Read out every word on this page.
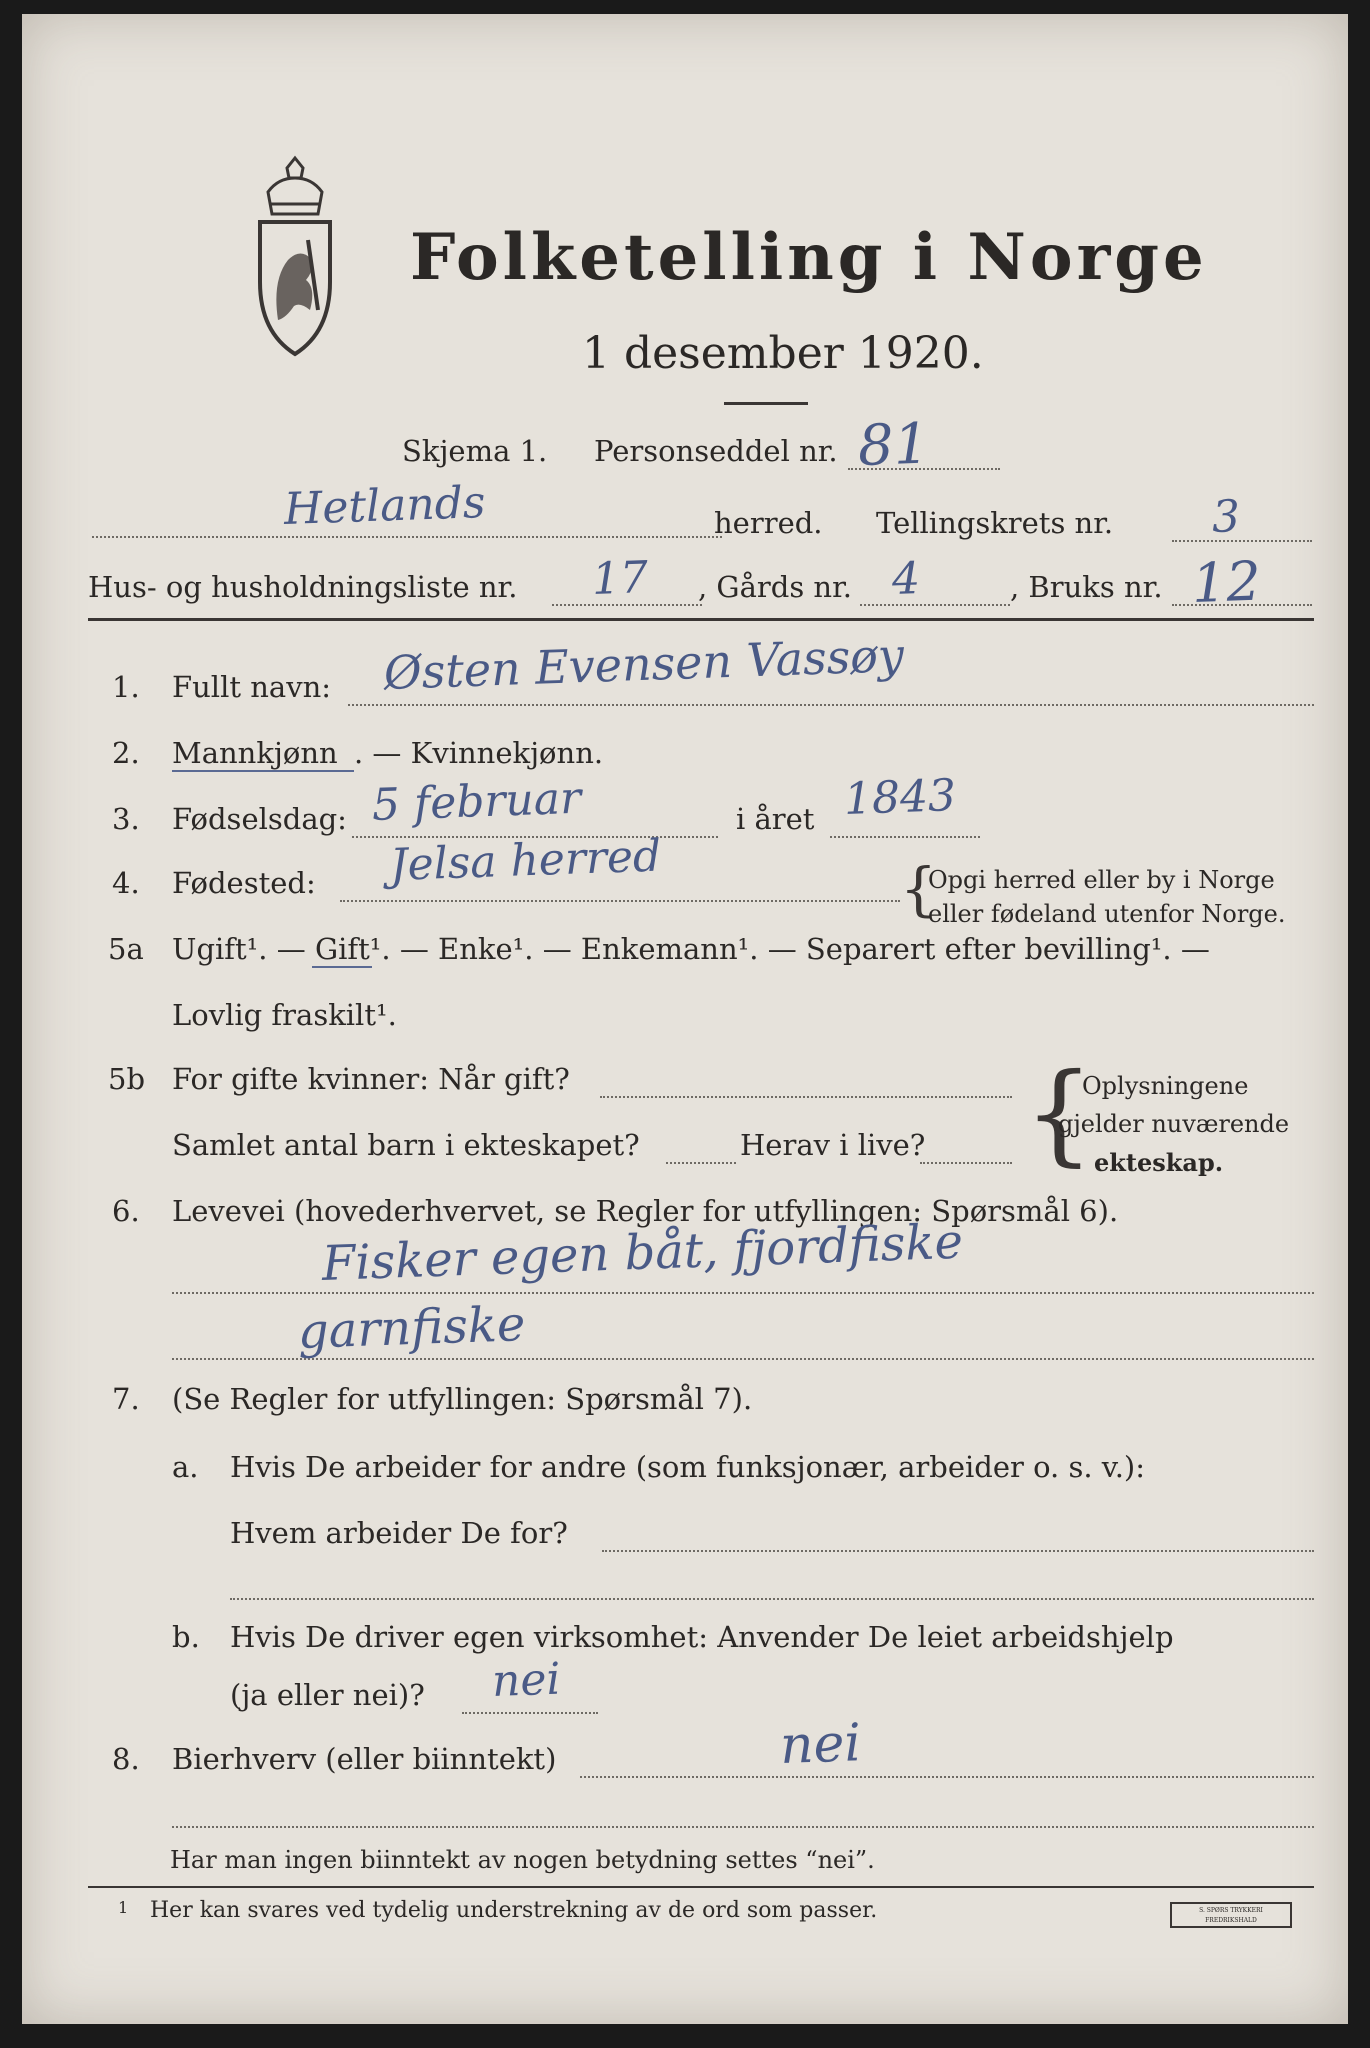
Folketelling i Norge
1 desember 1920.
Skjema 1. Personseddel nr. 81
Hetlands	herred. Tellingskrets nr. 3
Hus- og husholdningsliste nr. 17 , Gårds nr. 4	, Bruks nr. 12
1. Fullt navn: Østen Evensen Vassøy
2. Mannkjønn . — Kvinnekjønn.
3. Fødselsdag: 5 februar	i året 1843
4. Fødested: Jelsa herred	{
Opgi herred eller by i Norge
eller fødeland utenfor Norge.
5a Ugift¹. — Gift¹. — Enke¹. — Enkemann¹. — Separert efter bevilling¹. —
Lovlig fraskilt¹.
5b For gifte kvinner: Når gift?
Samlet antal barn i ekteskapet?	Herav i live? {
Oplysningene
gjelder nuværende
ekteskap.
6. Levevei (hovederhvervet, se Regler for utfyllingen: Spørsmål 6).
Fisker egen båt, fjordfiske
garnfiske
7. (Se Regler for utfyllingen: Spørsmål 7).
a. Hvis De arbeider for andre (som funksjonær, arbeider o. s. v.):
Hvem arbeider De for?
b. Hvis De driver egen virksomhet: Anvender De leiet arbeidshjelp
(ja eller nei)? nei
8. Bierhverv (eller biinntekt)	nei
Har man ingen biinntekt av nogen betydning settes “nei”.
1 Her kan svares ved tydelig understrekning av de ord som passer.	S. SPØRS TRYKKERI FREDRIKSHALD
